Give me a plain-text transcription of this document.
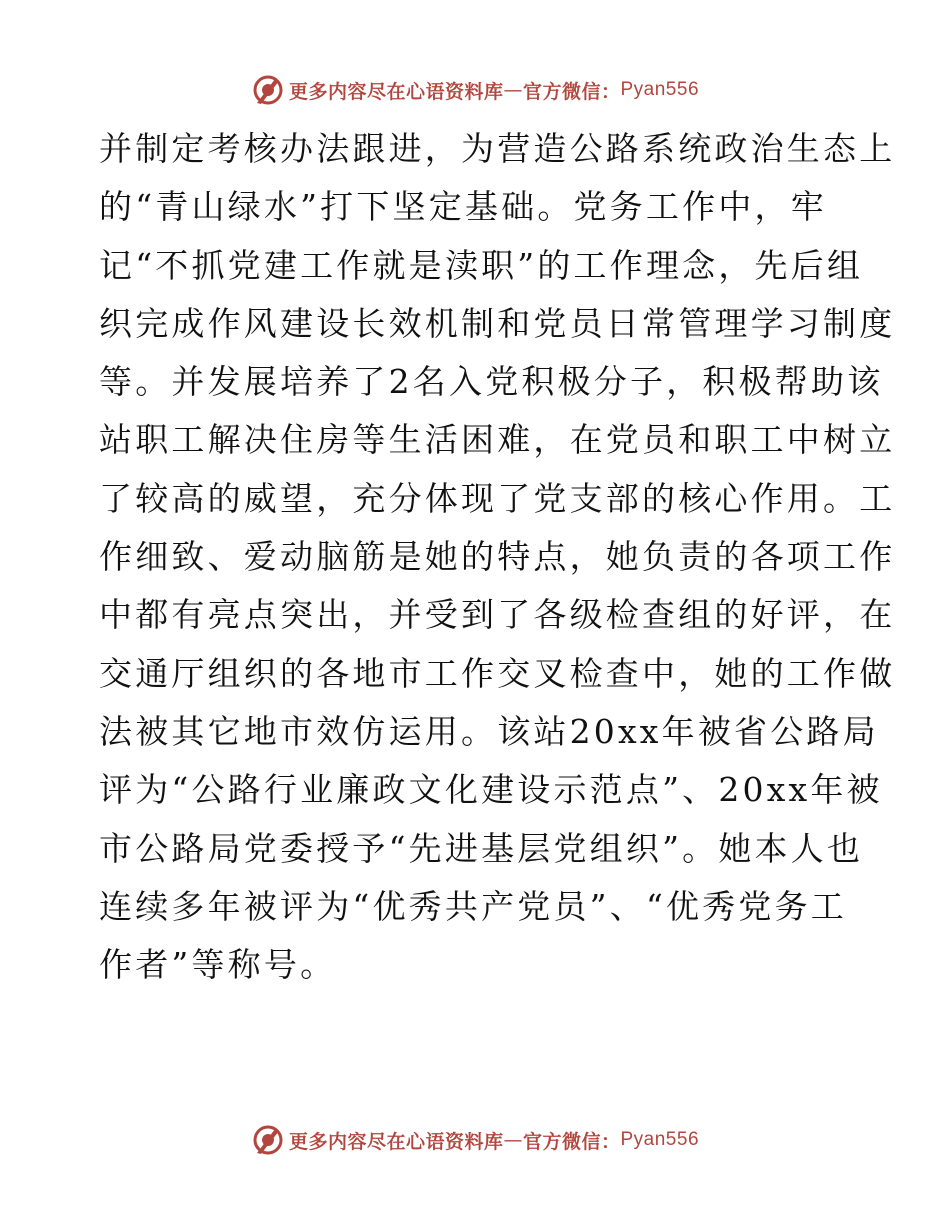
更多内容尽在心语资料库 — 官方微信： Pyan556
并制定考核办法跟进，为营造公路系统政治生态上
的“青山绿水”打下坚定基础。党务工作中，牢
记“不抓党建工作就是渎职”的工作理念，先后组
织完成作风建设长效机制和党员日常管理学习制度
等。并发展培养了2名入党积极分子，积极帮助该
站职工解决住房等生活困难，在党员和职工中树立
了较高的威望，充分体现了党支部的核心作用。工
作细致、爱动脑筋是她的特点，她负责的各项工作
中都有亮点突出，并受到了各级检查组的好评，在
交通厅组织的各地市工作交叉检查中，她的工作做
法被其它地市效仿运用。该站20xx年被省公路局
评为“公路行业廉政文化建设示范点”、20xx年被
市公路局党委授予“先进基层党组织”。她本人也
连续多年被评为“优秀共产党员”、“优秀党务工
作者”等称号。
更多内容尽在心语资料库 — 官方微信： Pyan556
